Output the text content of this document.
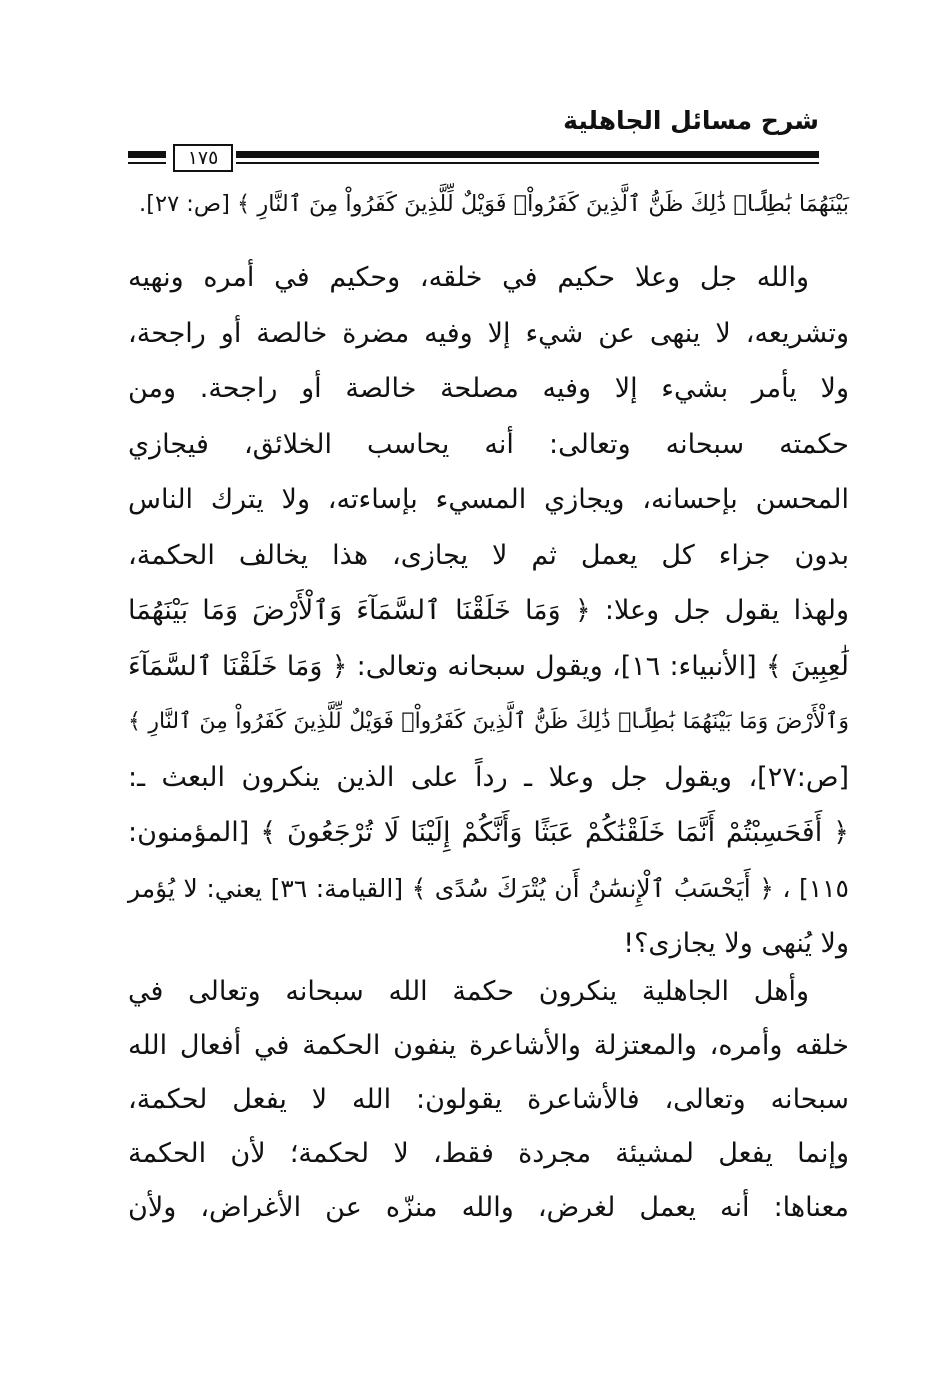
شرح مسائل الجاهلية
١٧٥
بَيْنَهُمَا بَٰطِلًاۚ ذَٰلِكَ ظَنُّ ٱلَّذِينَ كَفَرُواْۚ فَوَيْلٌ لِّلَّذِينَ كَفَرُواْ مِنَ ٱلنَّارِ ﴾ [ص: ٢٧].
والله جل وعلا حكيم في خلقه، وحكيم في أمره ونهيه
وتشريعه، لا ينهى عن شيء إلا وفيه مضرة خالصة أو راجحة،
ولا يأمر بشيء إلا وفيه مصلحة خالصة أو راجحة. ومن
حكمته سبحانه وتعالى: أنه يحاسب الخلائق، فيجازي
المحسن بإحسانه، ويجازي المسيء بإساءته، ولا يترك الناس
بدون جزاء كل يعمل ثم لا يجازى، هذا يخالف الحكمة،
ولهذا يقول جل وعلا: ﴿ وَمَا خَلَقْنَا ٱلسَّمَآءَ وَٱلْأَرْضَ وَمَا بَيْنَهُمَا
لَٰعِبِينَ ﴾ [الأنبياء: ١٦]، ويقول سبحانه وتعالى: ﴿ وَمَا خَلَقْنَا ٱلسَّمَآءَ
وَٱلْأَرْضَ وَمَا بَيْنَهُمَا بَٰطِلًاۚ ذَٰلِكَ ظَنُّ ٱلَّذِينَ كَفَرُواْۚ فَوَيْلٌ لِّلَّذِينَ كَفَرُواْ مِنَ ٱلنَّارِ ﴾
[ص:٢٧]، ويقول جل وعلا ـ رداً على الذين ينكرون البعث ـ:
﴿ أَفَحَسِبْتُمْ أَنَّمَا خَلَقْنَٰكُمْ عَبَثًا وَأَنَّكُمْ إِلَيْنَا لَا تُرْجَعُونَ ﴾ [المؤمنون:
١١٥] ، ﴿ أَيَحْسَبُ ٱلْإِنسَٰنُ أَن يُتْرَكَ سُدًى ﴾ [القيامة: ٣٦] يعني: لا يُؤمر
ولا يُنهى ولا يجازى؟!
وأهل الجاهلية ينكرون حكمة الله سبحانه وتعالى في
خلقه وأمره، والمعتزلة والأشاعرة ينفون الحكمة في أفعال الله
سبحانه وتعالى، فالأشاعرة يقولون: الله لا يفعل لحكمة،
وإنما يفعل لمشيئة مجردة فقط، لا لحكمة؛ لأن الحكمة
معناها: أنه يعمل لغرض، والله منزّه عن الأغراض، ولأن
